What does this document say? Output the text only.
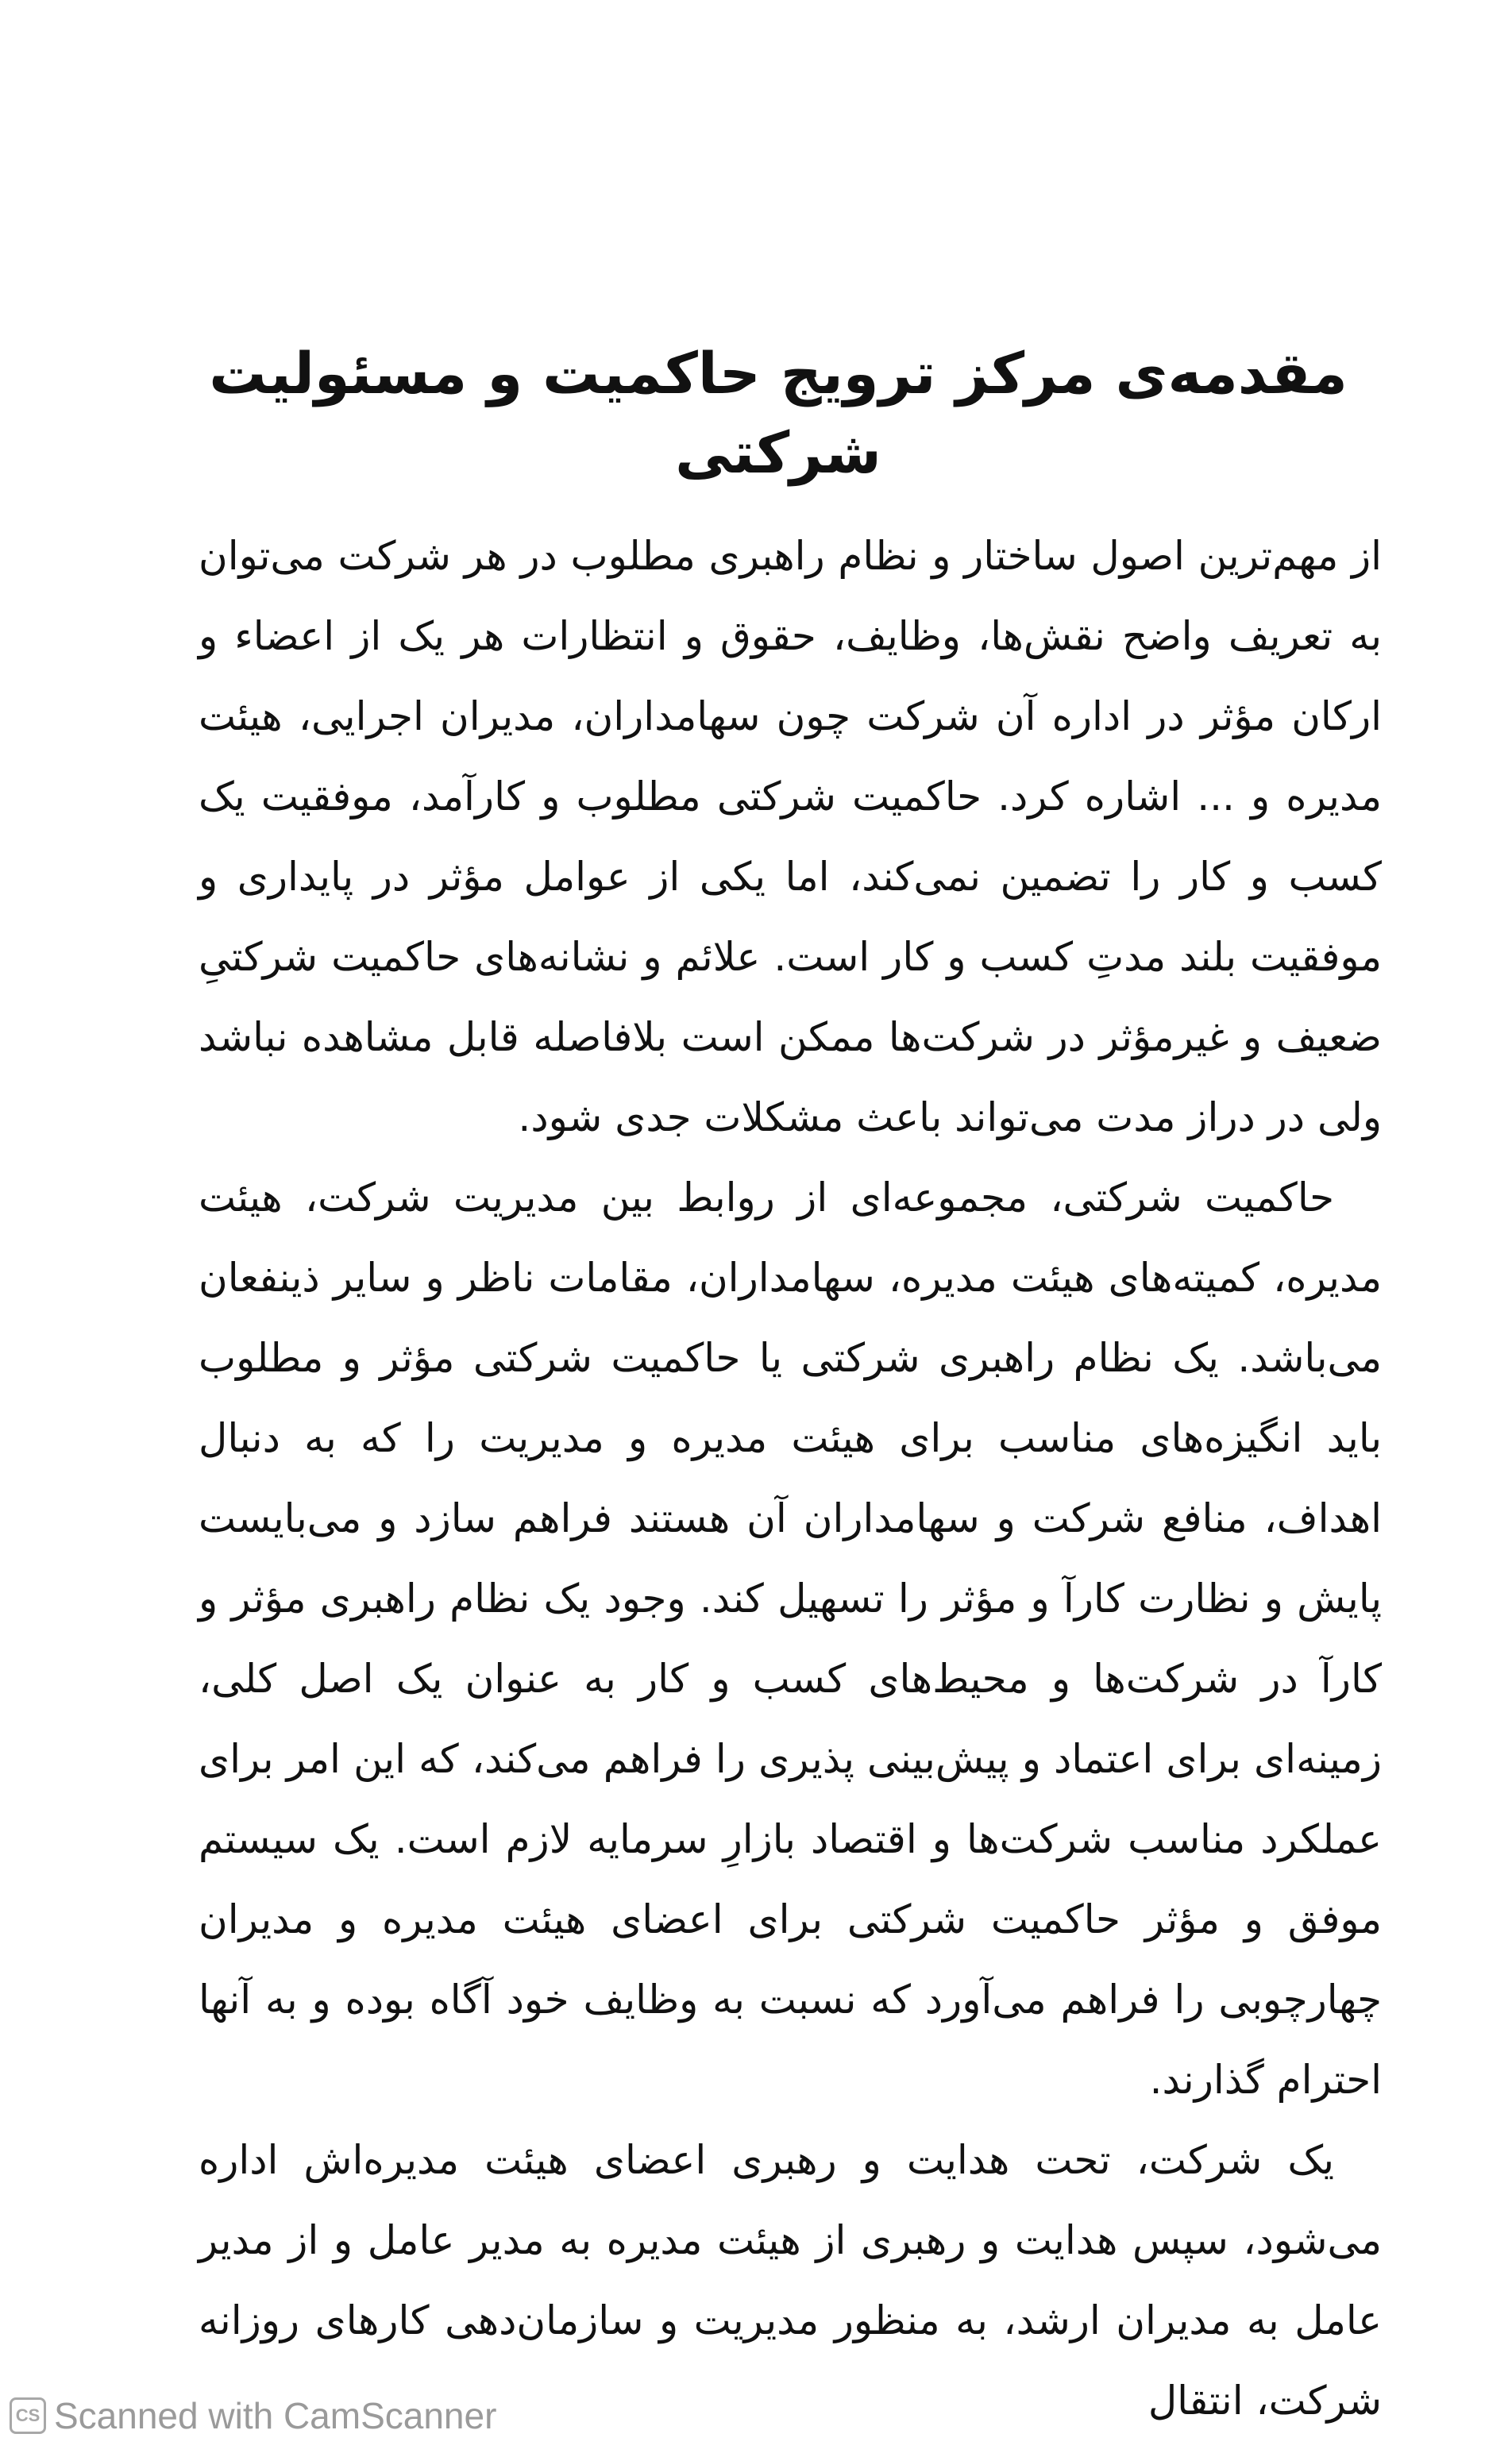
مقدمه‌ی مرکز ترویج حاکمیت و مسئولیت شرکتی

از مهم‌ترین اصول ساختار و نظام راهبری مطلوب در هر شرکت می‌توان به تعریف واضح نقش‌ها، وظایف، حقوق و انتظارات هر یک از اعضاء و ارکان مؤثر در اداره آن شرکت چون سهامداران، مدیران اجرایی، هیئت مدیره و ... اشاره کرد. حاکمیت شرکتی مطلوب و کارآمد، موفقیت یک کسب و کار را تضمین نمی‌کند، اما یکی از عوامل مؤثر در پایداری و موفقیت بلند مدتِ کسب و کار است. علائم و نشانه‌های حاکمیت شرکتیِ ضعیف و غیرمؤثر در شرکت‌ها ممکن است بلافاصله قابل مشاهده نباشد ولی در دراز مدت می‌تواند باعث مشکلات جدی شود.

حاکمیت شرکتی، مجموعه‌ای از روابط بین مدیریت شرکت، هیئت مدیره، کمیته‌های هیئت مدیره، سهامداران، مقامات ناظر و سایر ذینفعان می‌باشد. یک نظام راهبری شرکتی یا حاکمیت شرکتی مؤثر و مطلوب باید انگیزه‌های مناسب برای هیئت مدیره و مدیریت را که به دنبال اهداف، منافع شرکت و سهامداران آن هستند فراهم سازد و می‌بایست پایش و نظارت کارآ و مؤثر را تسهیل کند. وجود یک نظام راهبری مؤثر و کارآ در شرکت‌ها و محیط‌های کسب و کار به عنوان یک اصل کلی، زمینه‌ای برای اعتماد و پیش‌بینی پذیری را فراهم می‌کند، که این امر برای عملکرد مناسب شرکت‌ها و اقتصاد بازارِ سرمایه لازم است. یک سیستم موفق و مؤثر حاکمیت شرکتی برای اعضای هیئت مدیره و مدیران چهارچوبی را فراهم می‌آورد که نسبت به وظایف خود آگاه بوده و به آنها احترام گذارند.

یک شرکت، تحت هدایت و رهبری اعضای هیئت مدیره‌اش اداره می‌شود، سپس هدایت و رهبری از هیئت مدیره به مدیر عامل و از مدیر عامل به مدیران ارشد، به منظور مدیریت و سازمان‌دهی کارهای روزانه شرکت، انتقال

CS Scanned with CamScanner
